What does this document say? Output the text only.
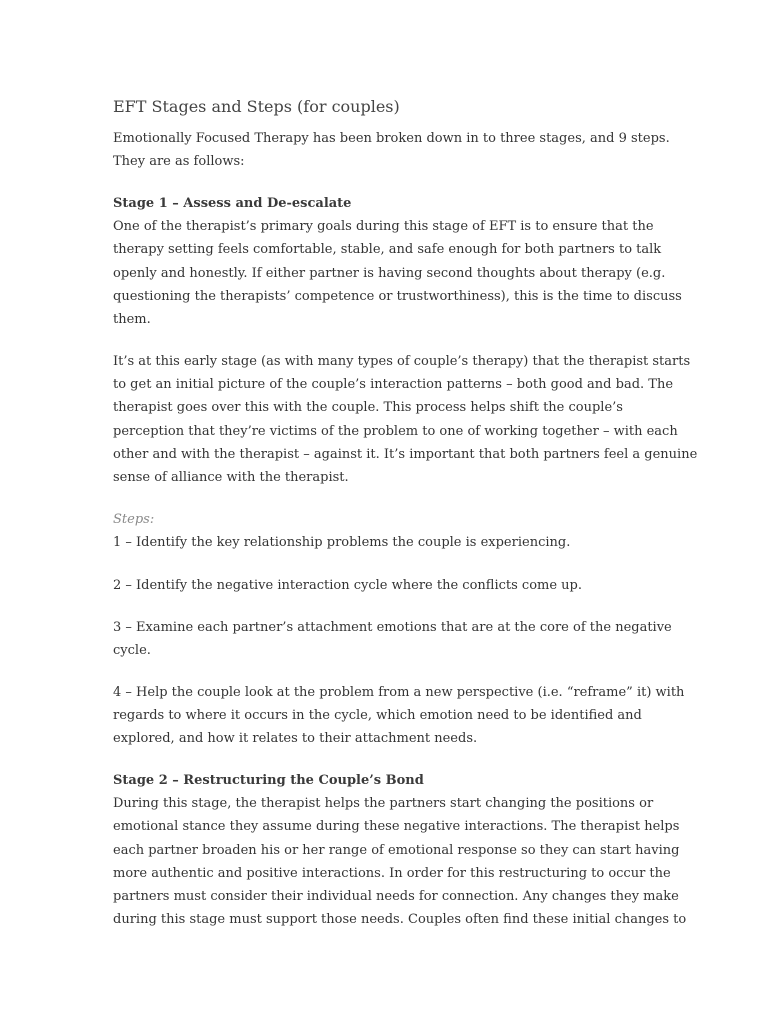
EFT Stages and Steps (for couples)
Emotionally Focused Therapy has been broken down in to three stages, and 9 steps.
They are as follows:
Stage 1 – Assess and De-escalate
One of the therapist’s primary goals during this stage of EFT is to ensure that the
therapy setting feels comfortable, stable, and safe enough for both partners to talk
openly and honestly. If either partner is having second thoughts about therapy (e.g.
questioning the therapists’ competence or trustworthiness), this is the time to discuss
them.
It’s at this early stage (as with many types of couple’s therapy) that the therapist starts
to get an initial picture of the couple’s interaction patterns – both good and bad. The
therapist goes over this with the couple. This process helps shift the couple’s
perception that they’re victims of the problem to one of working together – with each
other and with the therapist – against it. It’s important that both partners feel a genuine
sense of alliance with the therapist.
Steps:
1 – Identify the key relationship problems the couple is experiencing.
2 – Identify the negative interaction cycle where the conflicts come up.
3 – Examine each partner’s attachment emotions that are at the core of the negative
cycle.
4 – Help the couple look at the problem from a new perspective (i.e. “reframe” it) with
regards to where it occurs in the cycle, which emotion need to be identified and
explored, and how it relates to their attachment needs.
Stage 2 – Restructuring the Couple’s Bond
During this stage, the therapist helps the partners start changing the positions or
emotional stance they assume during these negative interactions. The therapist helps
each partner broaden his or her range of emotional response so they can start having
more authentic and positive interactions. In order for this restructuring to occur the
partners must consider their individual needs for connection. Any changes they make
during this stage must support those needs. Couples often find these initial changes to
